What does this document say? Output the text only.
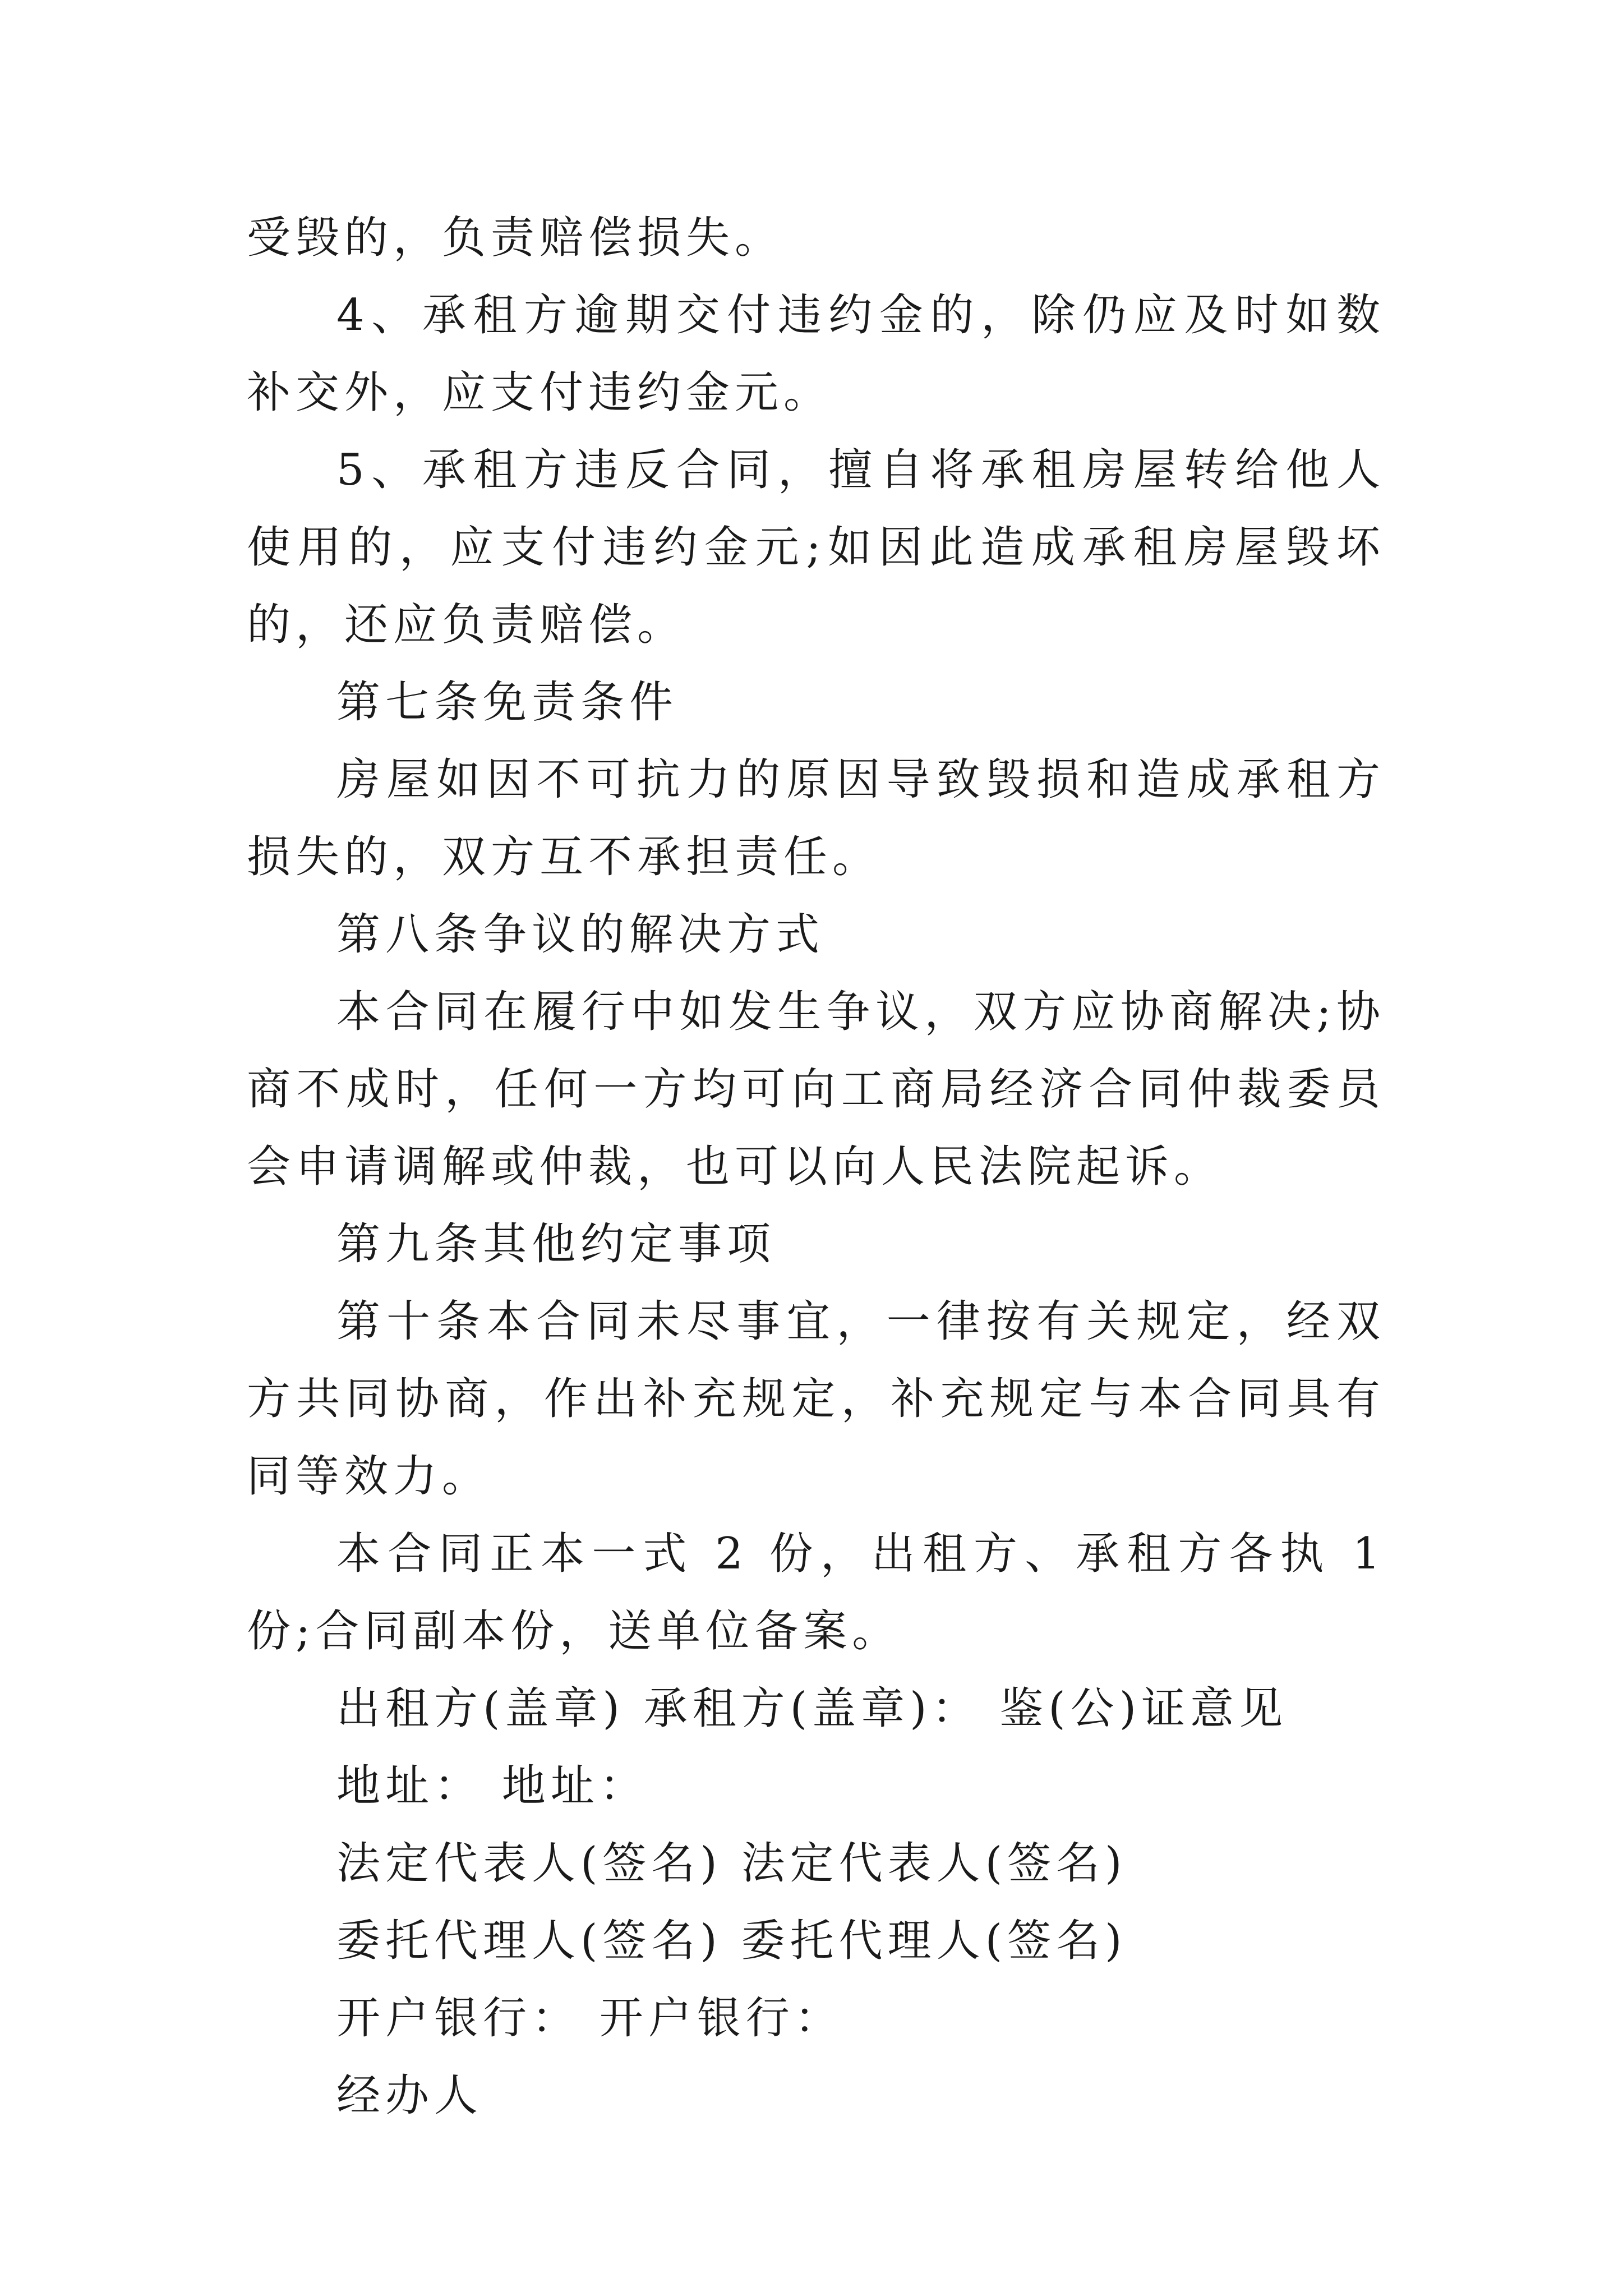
受毁的，负责赔偿损失。

4、承租方逾期交付违约金的，除仍应及时如数补交外，应支付违约金元。

5、承租方违反合同，擅自将承租房屋转给他人使用的，应支付违约金元;如因此造成承租房屋毁坏的，还应负责赔偿。

第七条免责条件

房屋如因不可抗力的原因导致毁损和造成承租方损失的，双方互不承担责任。

第八条争议的解决方式

本合同在履行中如发生争议，双方应协商解决;协商不成时，任何一方均可向工商局经济合同仲裁委员会申请调解或仲裁，也可以向人民法院起诉。

第九条其他约定事项

第十条本合同未尽事宜，一律按有关规定，经双方共同协商，作出补充规定，补充规定与本合同具有同等效力。

本合同正本一式 2 份，出租方、承租方各执 1 份;合同副本份，送单位备案。

出租方(盖章) 承租方(盖章)： 鉴(公)证意见

地址： 地址：

法定代表人(签名) 法定代表人(签名)

委托代理人(签名) 委托代理人(签名)

开户银行： 开户银行：

经办人
